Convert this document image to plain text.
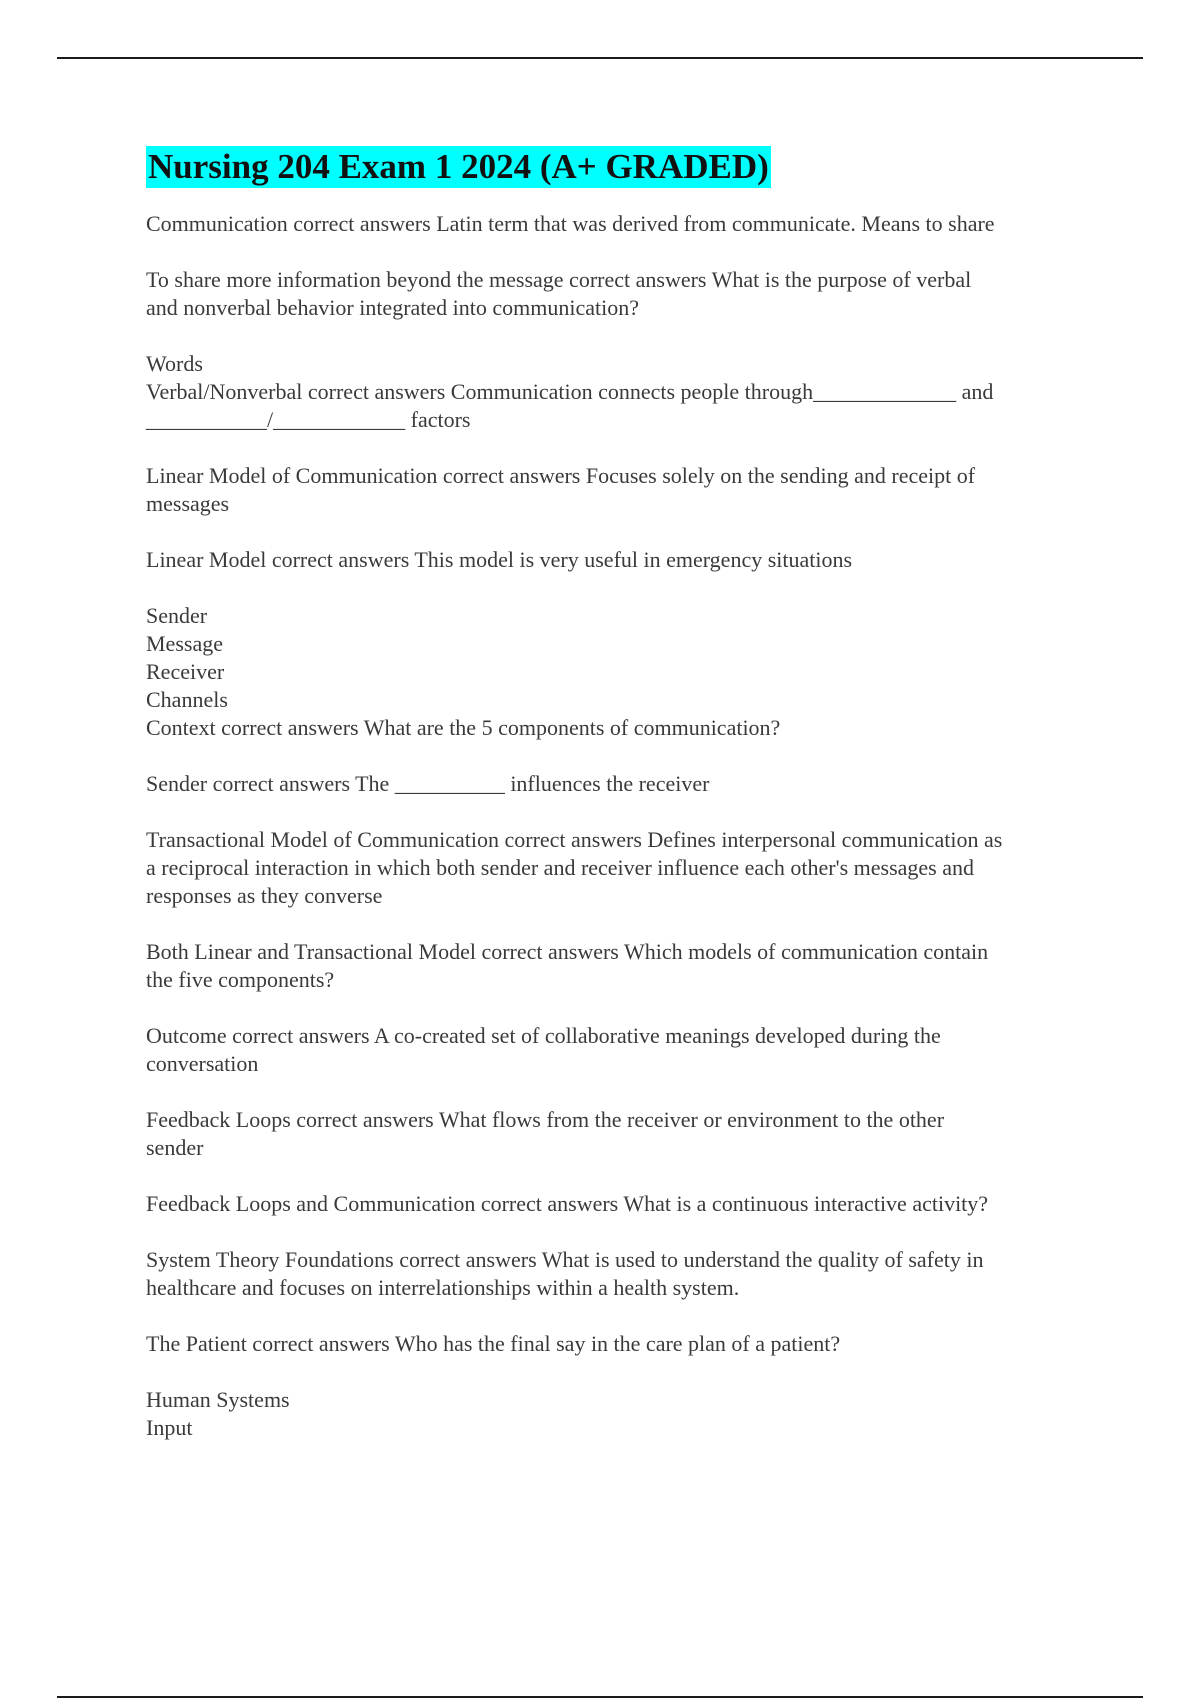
Nursing 204 Exam 1 2024 (A+ GRADED)
Communication correct answers Latin term that was derived from communicate. Means to share
To share more information beyond the message correct answers What is the purpose of verbal
and nonverbal behavior integrated into communication?
Words
Verbal/Nonverbal correct answers Communication connects people through_____________ and
___________/____________ factors
Linear Model of Communication correct answers Focuses solely on the sending and receipt of
messages
Linear Model correct answers This model is very useful in emergency situations
Sender
Message
Receiver
Channels
Context correct answers What are the 5 components of communication?
Sender correct answers The __________ influences the receiver
Transactional Model of Communication correct answers Defines interpersonal communication as
a reciprocal interaction in which both sender and receiver influence each other's messages and
responses as they converse
Both Linear and Transactional Model correct answers Which models of communication contain
the five components?
Outcome correct answers A co-created set of collaborative meanings developed during the
conversation
Feedback Loops correct answers What flows from the receiver or environment to the other
sender
Feedback Loops and Communication correct answers What is a continuous interactive activity?
System Theory Foundations correct answers What is used to understand the quality of safety in
healthcare and focuses on interrelationships within a health system.
The Patient correct answers Who has the final say in the care plan of a patient?
Human Systems
Input
